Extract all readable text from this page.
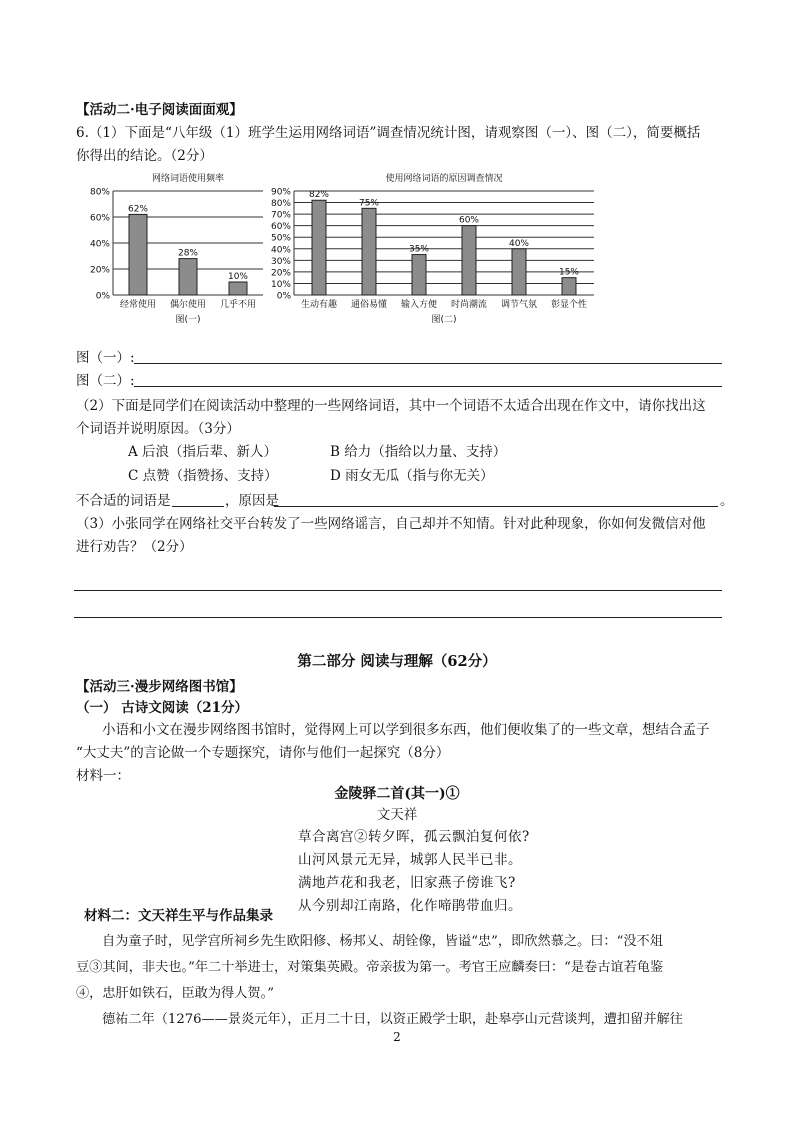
【活动二·电子阅读面面观】
6.（1）下面是“八年级（1）班学生运用网络词语”调查情况统计图，请观察图（一）、图（二），简要概括
你得出的结论。（2分）
网络词语使用频率
0%
20%
40%
60%
80%
62%
经常使用
28%
偶尔使用
10%
几乎不用
图(一)
使用网络词语的原因调查情况
0%
10%
20%
30%
40%
50%
60%
70%
80%
90% 82%
生动有趣
75%
通俗易懂
35%
输入方便
60%
时尚潮流
40%
调节气氛
15%
彰显个性
图(二)
图（一）:
图（二）:
（2）下面是同学们在阅读活动中整理的一些网络词语，其中一个词语不太适合出现在作文中，请你找出这
个词语并说明原因。（3分）
A 后浪（指后辈、新人）	B 给力（指给以力量、支持）
C 点赞（指赞扬、支持）	D 雨女无瓜（指与你无关）
不合适的词语是	，原因是	。
（3）小张同学在网络社交平台转发了一些网络谣言，自己却并不知情。针对此种现象，你如何发微信对他
进行劝告？（2分）
第二部分 阅读与理解（62分）
【活动三·漫步网络图书馆】
（一） 古诗文阅读（21分）
小语和小文在漫步网络图书馆时，觉得网上可以学到很多东西，他们便收集了的一些文章，想结合孟子
“大丈夫”的言论做一个专题探究，请你与他们一起探究（8分）
材料一：
金陵驿二首(其一)①
文天祥
草合离宫②转夕晖，孤云飘泊复何依?
山河风景元无异，城郭人民半已非。
满地芦花和我老，旧家燕子傍谁飞?
从今别却江南路，化作啼鹃带血归。
材料二：文天祥生平与作品集录
自为童子时，见学宫所祠乡先生欧阳修、杨邦乂、胡铨像，皆谥“忠”，即欣然慕之。曰：“没不俎
豆③其间，非夫也。”年二十举进士，对策集英殿。帝亲拔为第一。考官王应麟奏曰：“是卷古谊若龟鉴
④，忠肝如铁石，臣敢为得人贺。”
德祐二年（1276——景炎元年），正月二十日，以资正殿学士职，赴皋亭山元营谈判，遭扣留并解往
2
